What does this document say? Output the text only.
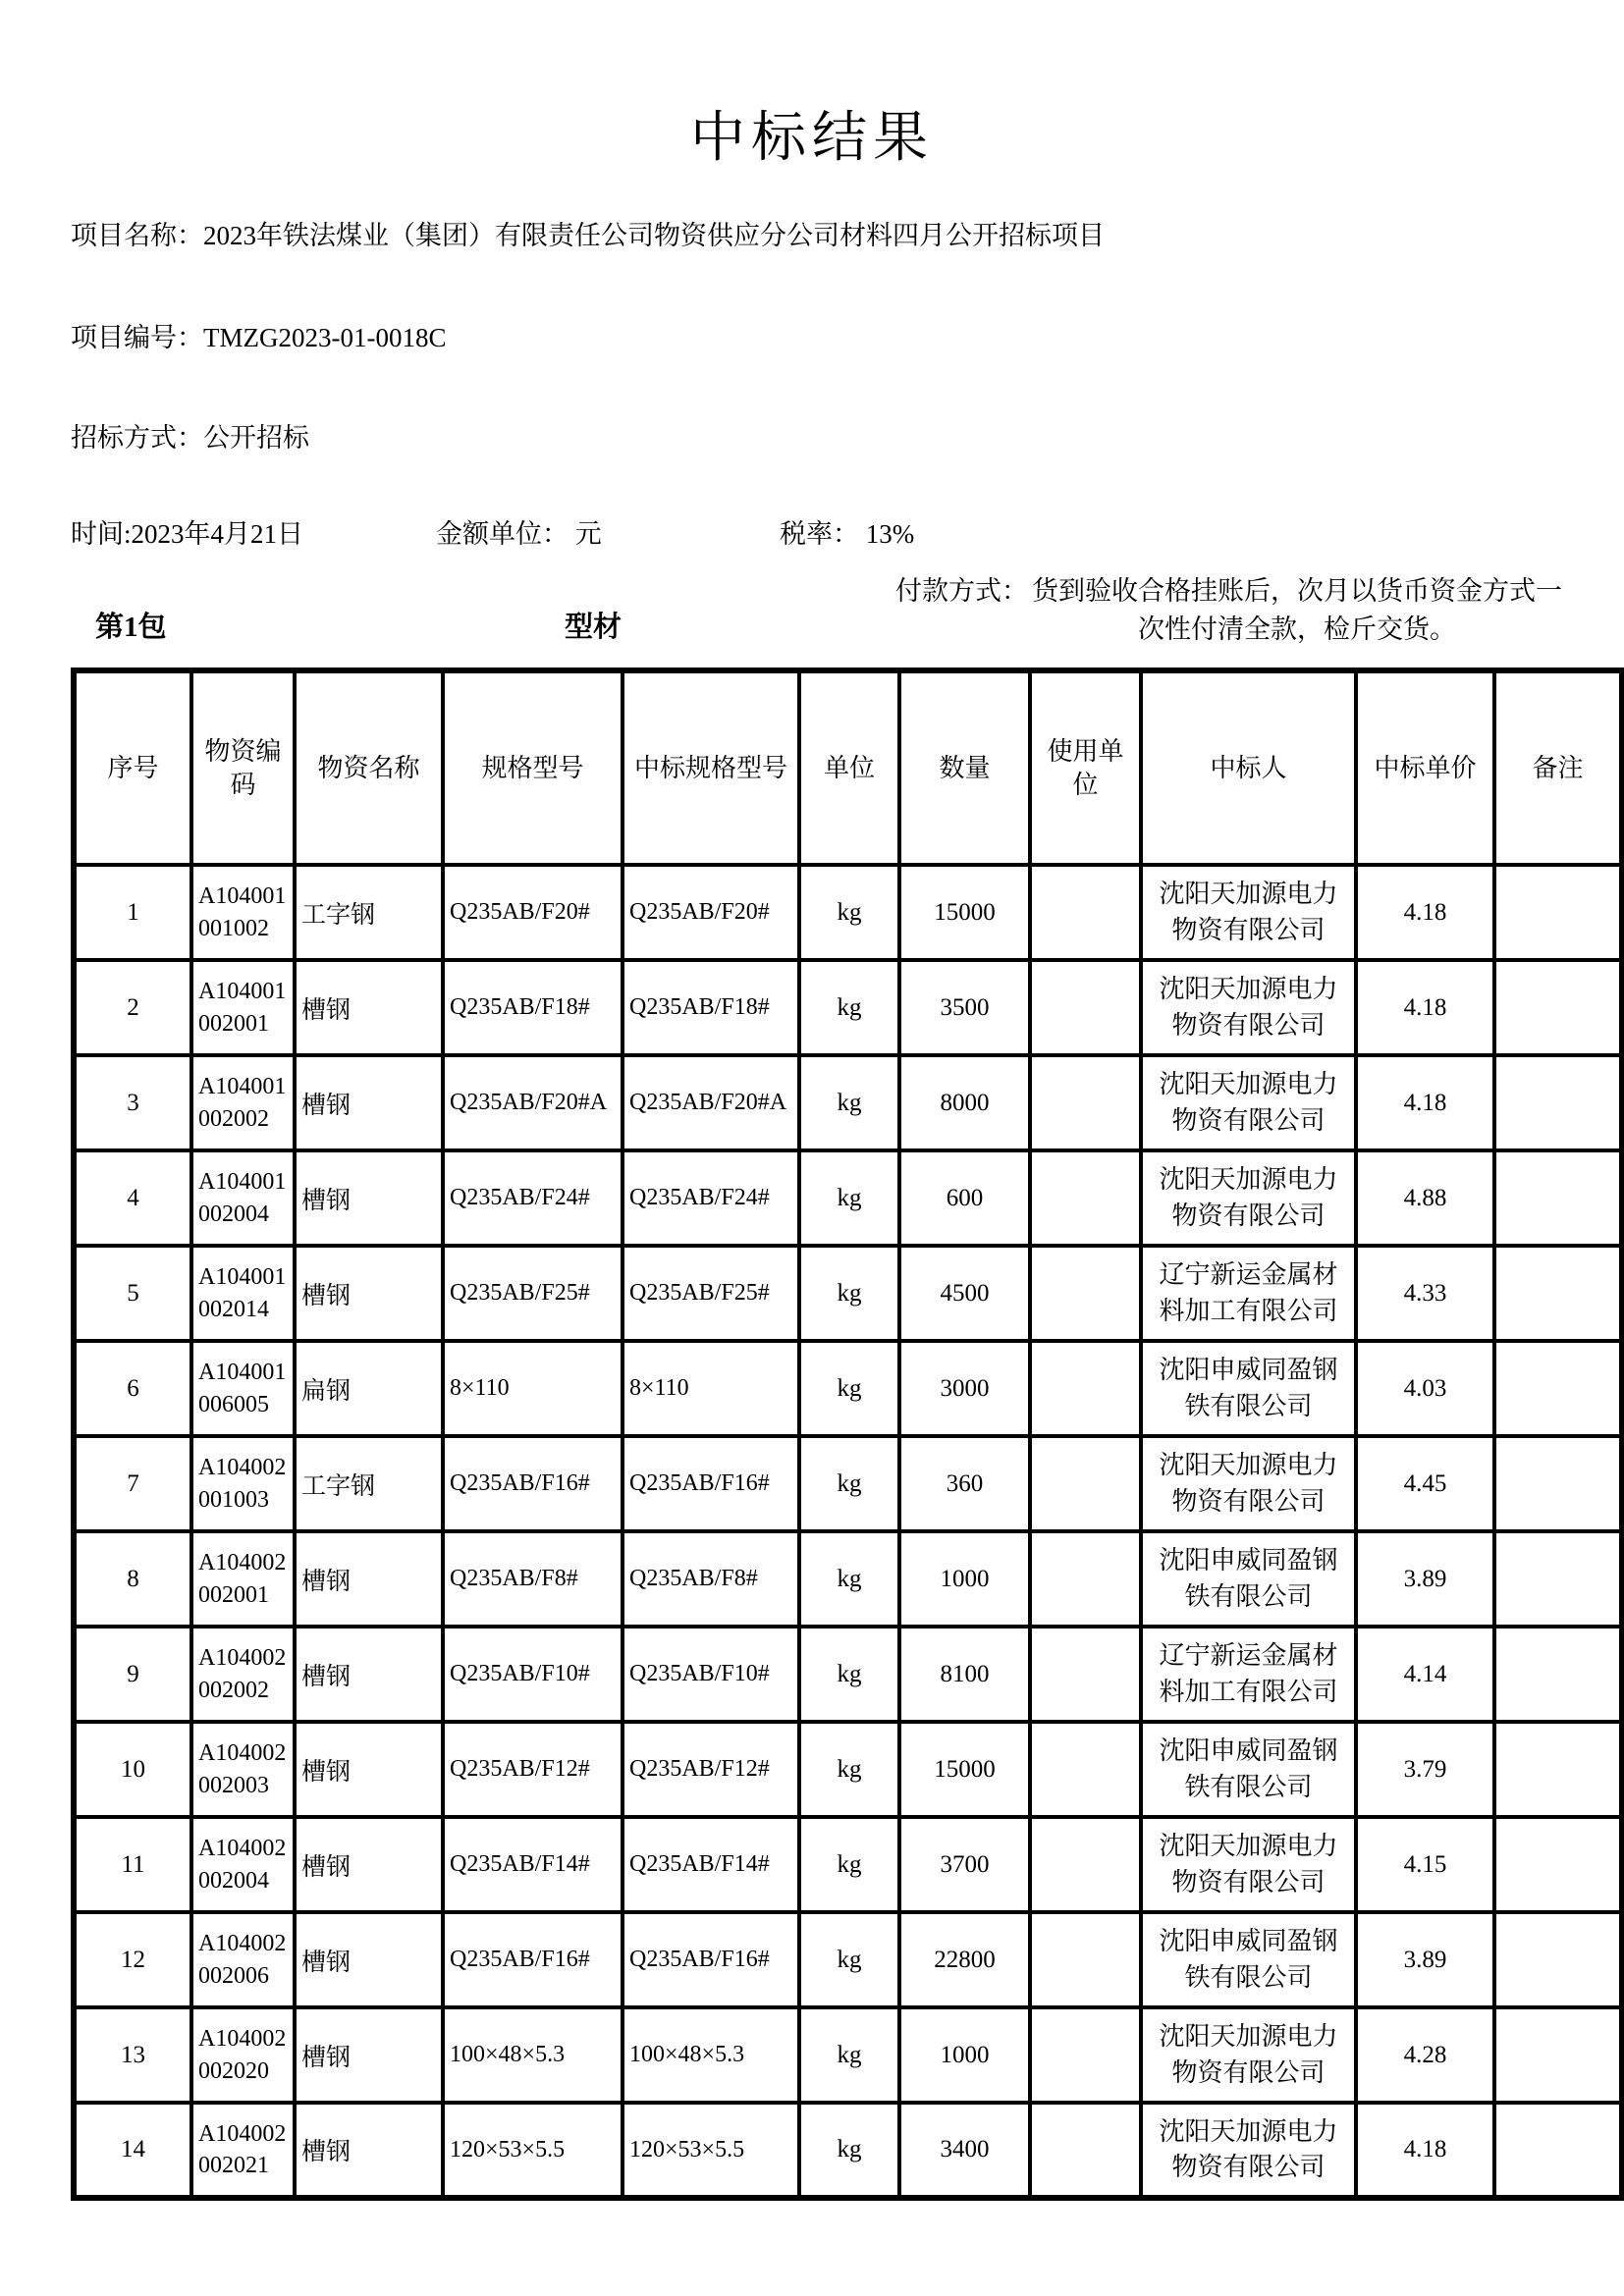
中标结果
项目名称：2023年铁法煤业（集团）有限责任公司物资供应分公司材料四月公开招标项目
项目编号：TMZG2023-01-0018C
招标方式：公开招标
时间:2023年4月21日	金额单位： 元	税率： 13%
第1包	型材
付款方式： 货到验收合格挂账后，次月以货币资金方式一次性付清全款，检斤交货。
序号	物资编码	物资名称	规格型号	中标规格型号	单位	数量	使用单位	中标人	中标单价	备注
1	A104001001002	工字钢	Q235AB/F20#	Q235AB/F20#	kg	15000		沈阳天加源电力物资有限公司	4.18	
2	A104001002001	槽钢	Q235AB/F18#	Q235AB/F18#	kg	3500		沈阳天加源电力物资有限公司	4.18	
3	A104001002002	槽钢	Q235AB/F20#A	Q235AB/F20#A	kg	8000		沈阳天加源电力物资有限公司	4.18	
4	A104001002004	槽钢	Q235AB/F24#	Q235AB/F24#	kg	600		沈阳天加源电力物资有限公司	4.88	
5	A104001002014	槽钢	Q235AB/F25#	Q235AB/F25#	kg	4500		辽宁新运金属材料加工有限公司	4.33	
6	A104001006005	扁钢	8×110	8×110	kg	3000		沈阳申威同盈钢铁有限公司	4.03	
7	A104002001003	工字钢	Q235AB/F16#	Q235AB/F16#	kg	360		沈阳天加源电力物资有限公司	4.45	
8	A104002002001	槽钢	Q235AB/F8#	Q235AB/F8#	kg	1000		沈阳申威同盈钢铁有限公司	3.89	
9	A104002002002	槽钢	Q235AB/F10#	Q235AB/F10#	kg	8100		辽宁新运金属材料加工有限公司	4.14	
10	A104002002003	槽钢	Q235AB/F12#	Q235AB/F12#	kg	15000		沈阳申威同盈钢铁有限公司	3.79	
11	A104002002004	槽钢	Q235AB/F14#	Q235AB/F14#	kg	3700		沈阳天加源电力物资有限公司	4.15	
12	A104002002006	槽钢	Q235AB/F16#	Q235AB/F16#	kg	22800		沈阳申威同盈钢铁有限公司	3.89	
13	A104002002020	槽钢	100×48×5.3	100×48×5.3	kg	1000		沈阳天加源电力物资有限公司	4.28	
14	A104002002021	槽钢	120×53×5.5	120×53×5.5	kg	3400		沈阳天加源电力物资有限公司	4.18	
